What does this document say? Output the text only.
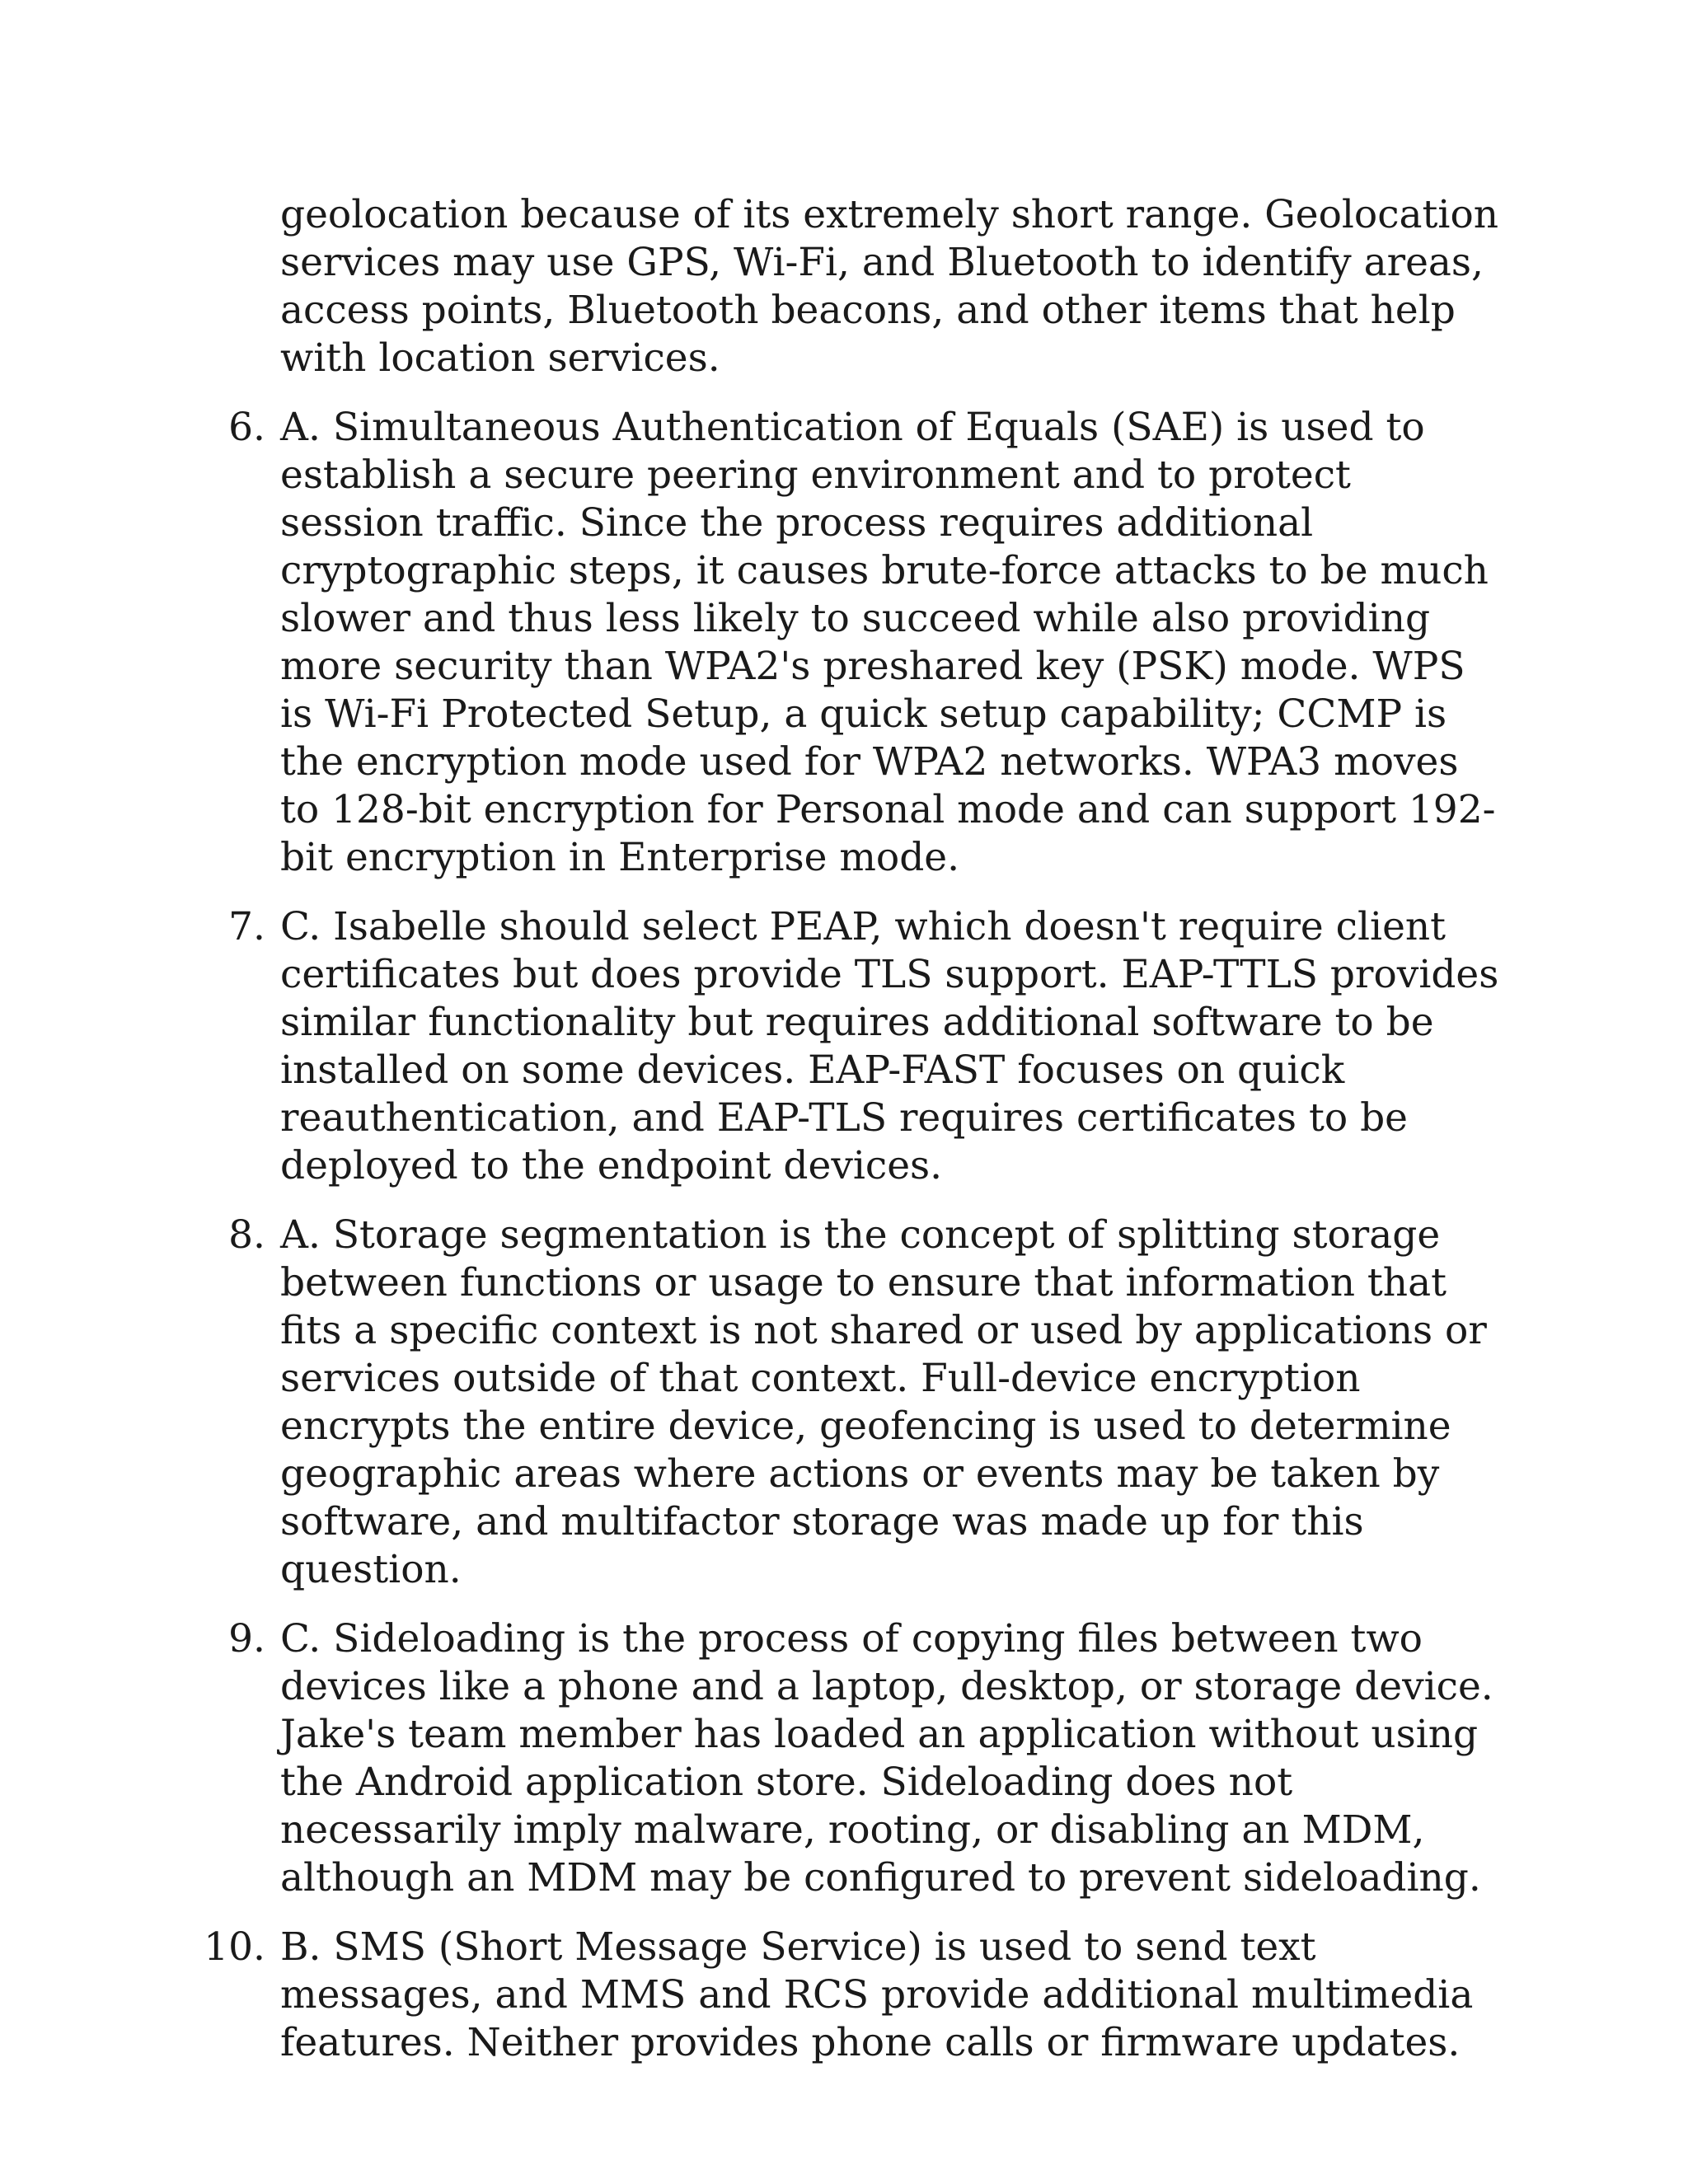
geolocation because of its extremely short range. Geolocation services may use GPS, Wi-Fi, and Bluetooth to identify areas, access points, Bluetooth beacons, and other items that help with location services.
6. A. Simultaneous Authentication of Equals (SAE) is used to establish a secure peering environment and to protect session traffic. Since the process requires additional cryptographic steps, it causes brute-force attacks to be much slower and thus less likely to succeed while also providing more security than WPA2's preshared key (PSK) mode. WPS is Wi-Fi Protected Setup, a quick setup capability; CCMP is the encryption mode used for WPA2 networks. WPA3 moves to 128-bit encryption for Personal mode and can support 192-bit encryption in Enterprise mode.
7. C. Isabelle should select PEAP, which doesn't require client certificates but does provide TLS support. EAP-TTLS provides similar functionality but requires additional software to be installed on some devices. EAP-FAST focuses on quick reauthentication, and EAP-TLS requires certificates to be deployed to the endpoint devices.
8. A. Storage segmentation is the concept of splitting storage between functions or usage to ensure that information that fits a specific context is not shared or used by applications or services outside of that context. Full-device encryption encrypts the entire device, geofencing is used to determine geographic areas where actions or events may be taken by software, and multifactor storage was made up for this question.
9. C. Sideloading is the process of copying files between two devices like a phone and a laptop, desktop, or storage device. Jake's team member has loaded an application without using the Android application store. Sideloading does not necessarily imply malware, rooting, or disabling an MDM, although an MDM may be configured to prevent sideloading.
10. B. SMS (Short Message Service) is used to send text messages, and MMS and RCS provide additional multimedia features. Neither provides phone calls or firmware updates.
